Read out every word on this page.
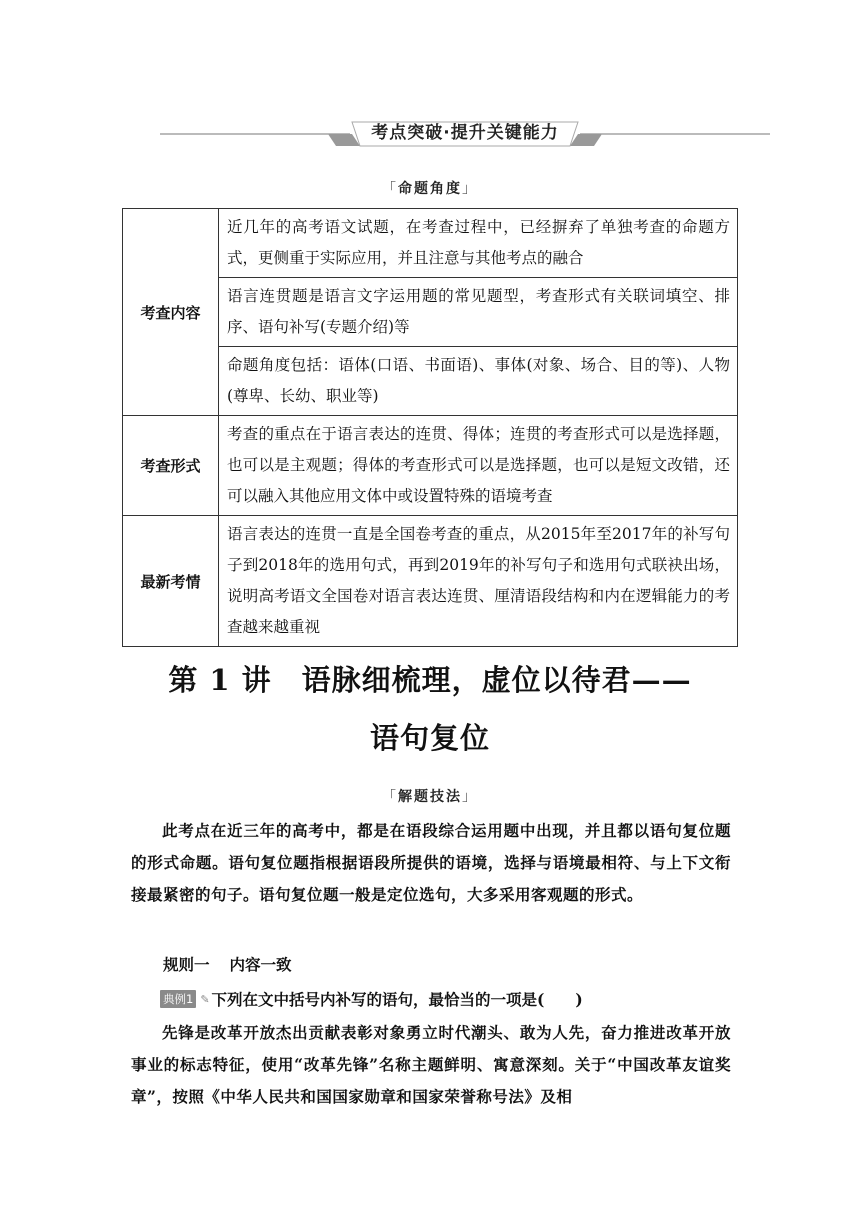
考点突破·提升关键能力
「命题角度」
考查内容	近几年的高考语文试题，在考查过程中，已经摒弃了单独考查的命题方式，更侧重于实际应用，并且注意与其他考点的融合
	语言连贯题是语言文字运用题的常见题型，考查形式有关联词填空、排序、语句补写(专题介绍)等
	命题角度包括：语体(口语、书面语)、事体(对象、场合、目的等)、人物(尊卑、长幼、职业等)
考查形式	考查的重点在于语言表达的连贯、得体；连贯的考查形式可以是选择题，也可以是主观题；得体的考查形式可以是选择题，也可以是短文改错，还可以融入其他应用文体中或设置特殊的语境考查
最新考情	语言表达的连贯一直是全国卷考查的重点，从2015年至2017年的补写句子到2018年的选用句式，再到2019年的补写句子和选用句式联袂出场，说明高考语文全国卷对语言表达连贯、厘清语段结构和内在逻辑能力的考查越来越重视
第 1 讲　语脉细梳理，虚位以待君——
语句复位
「解题技法」
此考点在近三年的高考中，都是在语段综合运用题中出现，并且都以语句复位题的形式命题。语句复位题指根据语段所提供的语境，选择与语境最相符、与上下文衔接最紧密的句子。语句复位题一般是定位选句，大多采用客观题的形式。
规则一 内容一致
典例1 ✎ 下列在文中括号内补写的语句，最恰当的一项是(　　)
先锋是改革开放杰出贡献表彰对象勇立时代潮头、敢为人先，奋力推进改革开放事业的标志特征，使用“改革先锋”名称主题鲜明、寓意深刻。关于“中国改革友谊奖章”，按照《中华人民共和国国家勋章和国家荣誉称号法》及相
